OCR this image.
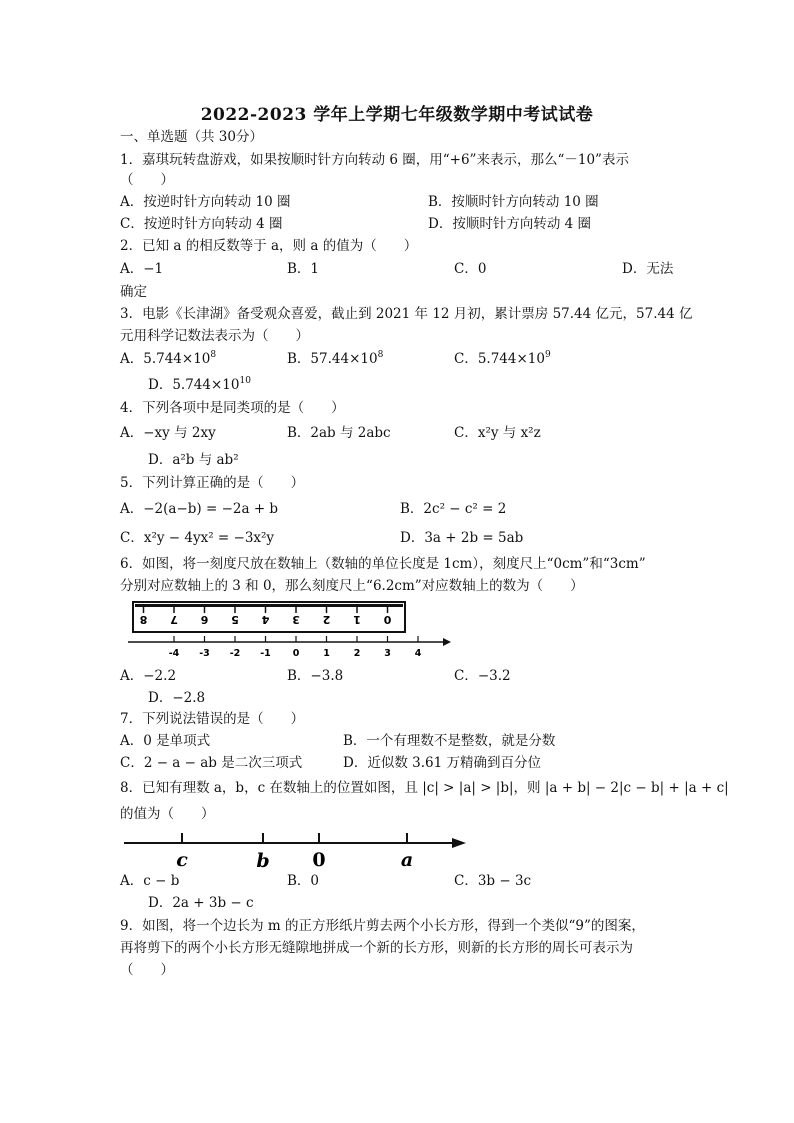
2022-2023 学年上学期七年级数学期中考试试卷
一、单选题（共 30分）
1．嘉琪玩转盘游戏，如果按顺时针方向转动 6 圈，用“+6”来表示，那么“－10”表示
（　　）
A．按逆时针方向转动 10 圈	B．按顺时针方向转动 10 圈
C．按逆时针方向转动 4 圈	D．按顺时针方向转动 4 圈
2．已知 a 的相反数等于 a，则 a 的值为（　　）
A．−1	B．1	C．0	D．无法
确定
3．电影《长津湖》备受观众喜爱，截止到 2021 年 12 月初，累计票房 57.44 亿元，57.44 亿
元用科学记数法表示为（　　）
A．$5.744\times 10^8$	B．$57.44\times 10^8$	C．$5.744\times 10^9$
D．$5.744\times 10^{10}$
4．下列各项中是同类项的是（　　）
A．−xy 与 2xy	B．2ab 与 2abc	C．x²y 与 x²z
D．a²b 与 ab²
5．下列计算正确的是（　　）
A．−2(a−b) = −2a + b	B．2c² − c² = 2
C．x²y − 4yx² = −3x²y	D．3a + 2b = 5ab
6．如图，将一刻度尺放在数轴上（数轴的单位长度是 1cm），刻度尺上“0cm”和“3cm”
分别对应数轴上的 3 和 0，那么刻度尺上“6.2cm”对应数轴上的数为（　　）
8 7 6 5 4 3 2 1 0
-4 -3 -2 -1 0	1	2	3	4
A．−2.2	B．−3.8	C．−3.2
D．−2.8
7．下列说法错误的是（　　）
A．0 是单项式	B．一个有理数不是整数，就是分数
C．2 − a − ab 是二次三项式	D．近似数 3.61 万精确到百分位
8．已知有理数 a，b，c 在数轴上的位置如图，且 |c| > |a| > |b|，则 |a + b| − 2|c − b| + |a + c|
的值为（　　）
c	b 0	a
A．c − b	B．0	C．3b − 3c
D．2a + 3b − c
9．如图，将一个边长为 m 的正方形纸片剪去两个小长方形，得到一个类似“9”的图案，
再将剪下的两个小长方形无缝隙地拼成一个新的长方形，则新的长方形的周长可表示为
（　　）
